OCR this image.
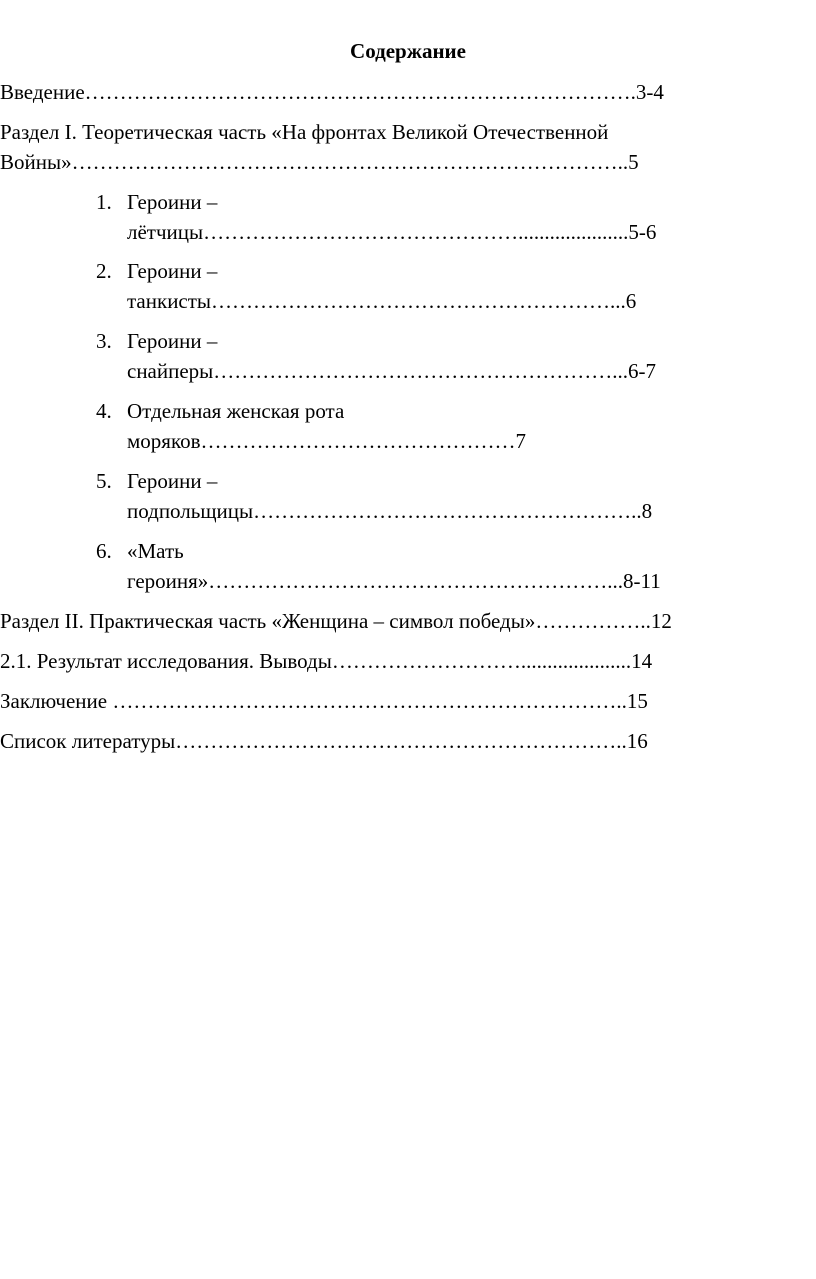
Содержание
Введение…………………………………………………………………….3-4
Раздел I. Теоретическая часть «На фронтах Великой Отечественной
Войны»……………………………………………………………………..5
1. Героини –
лётчицы……………………………………….....................5-6
2. Героини –
танкисты…………………………………………………...6
3. Героини –
снайперы…………………………………………………...6-7
4. Отдельная женская рота
моряков………………………………………7
5. Героини –
подпольщицы………………………………………………..8
6. «Мать
героиня»…………………………………………………...8-11
Раздел II. Практическая часть «Женщина – символ победы»……………..12
2.1. Результат исследования. Выводы……………………….....................14
Заключение ………………………………………………………………..15
Список литературы………………………………………………………..16
